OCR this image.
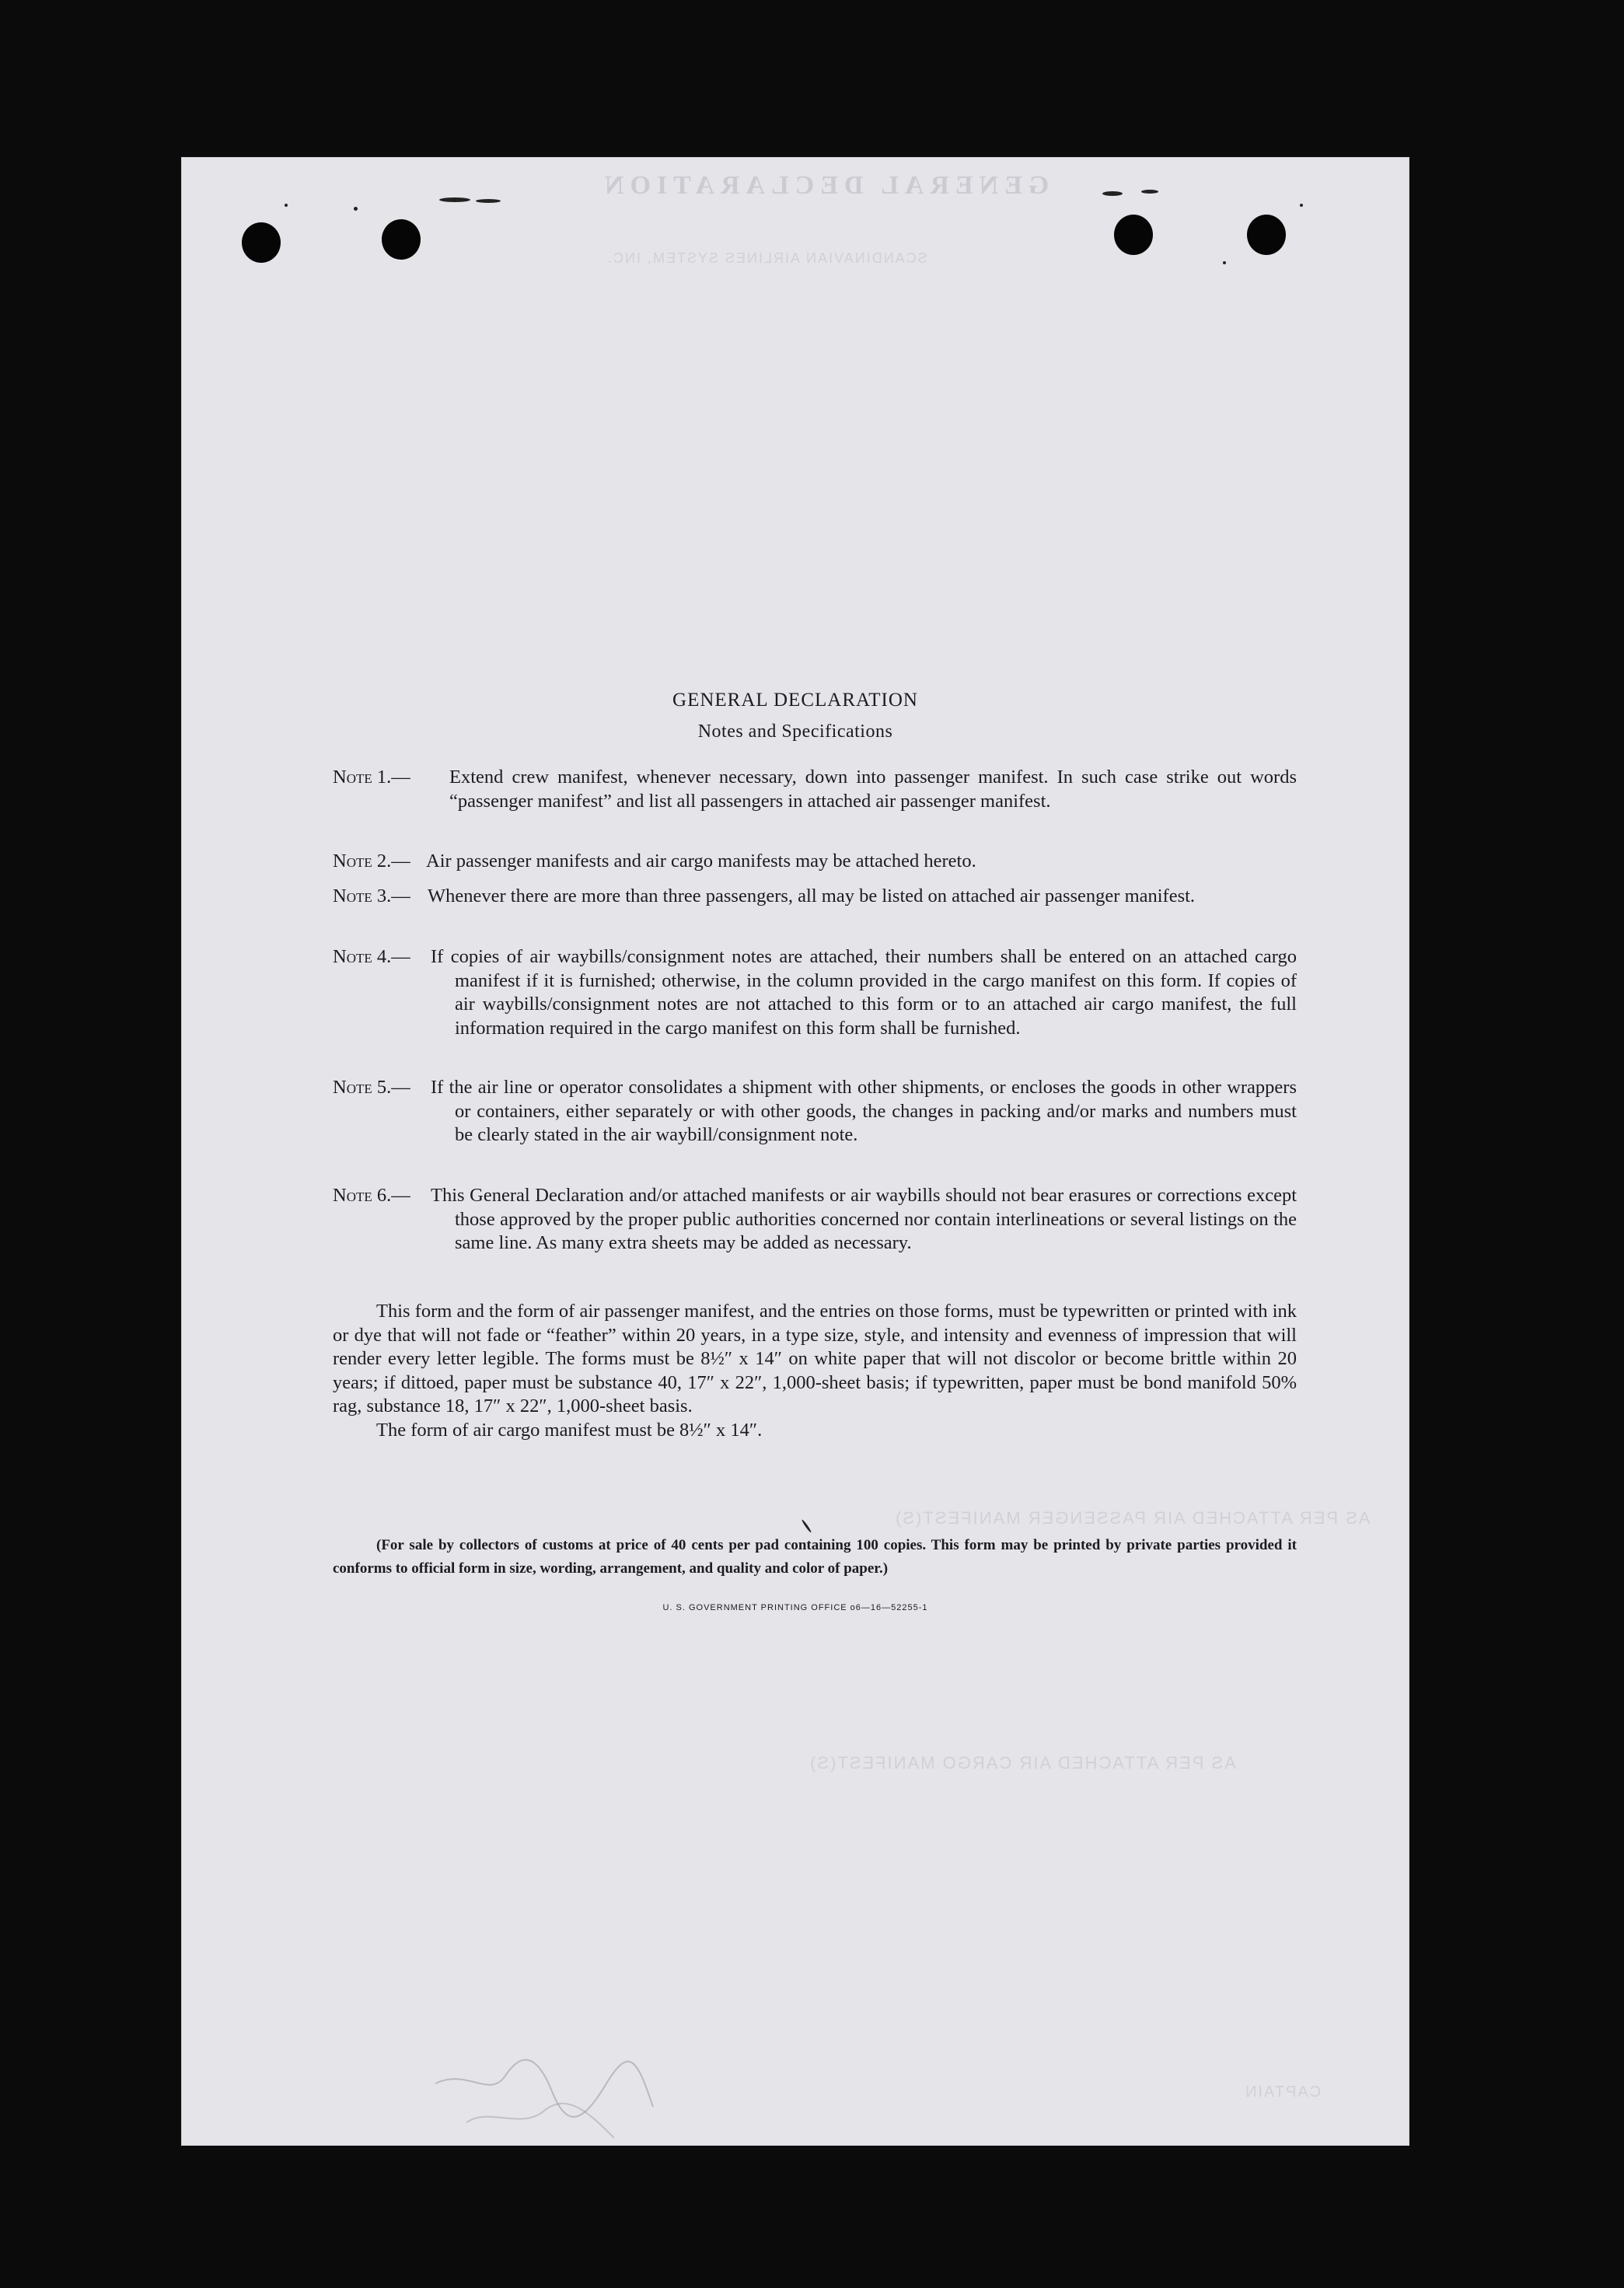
GENERAL DECLARATION
SCANDINAVIAN AIRLINES SYSTEM, INC.
AS PER ATTACHED AIR PASSENGER MANIFEST(S)
AS PER ATTACHED AIR CARGO MANIFEST(S)
CAPTAIN
GENERAL DECLARATION
Notes and Specifications
Note 1.—	Extend crew manifest, whenever necessary, down into passenger manifest. In such case strike out words “passenger manifest” and list all passengers in attached air passenger manifest.
Note 2.— Air passenger manifests and air cargo manifests may be attached hereto.
Note 3.— Whenever there are more than three passengers, all may be listed on attached air passenger manifest.
Note 4.—	If copies of air waybills/consignment notes are attached, their numbers shall be entered on an attached cargo manifest if it is furnished; otherwise, in the column provided in the cargo manifest on this form. If copies of air waybills/consignment notes are not attached to this form or to an attached air cargo manifest, the full information required in the cargo manifest on this form shall be furnished.
Note 5.—	If the air line or operator consolidates a shipment with other shipments, or encloses the goods in other wrappers or containers, either separately or with other goods, the changes in packing and/or marks and numbers must be clearly stated in the air waybill/consignment note.
Note 6.—	This General Declaration and/or attached manifests or air waybills should not bear erasures or corrections except those approved by the proper public authorities concerned nor contain interlineations or several listings on the same line. As many extra sheets may be added as necessary.
This form and the form of air passenger manifest, and the entries on those forms, must be typewritten or printed with ink or dye that will not fade or “feather” within 20 years, in a type size, style, and intensity and evenness of impression that will render every letter legible. The forms must be 8½″ x 14″ on white paper that will not discolor or become brittle within 20 years; if dittoed, paper must be substance 40, 17″ x 22″, 1,000-sheet basis; if typewritten, paper must be bond manifold 50% rag, substance 18, 17″ x 22″, 1,000-sheet basis.
The form of air cargo manifest must be 8½″ x 14″.
(For sale by collectors of customs at price of 40 cents per pad containing 100 copies. This form may be printed by private parties provided it conforms to official form in size, wording, arrangement, and quality and color of paper.)
U. S. GOVERNMENT PRINTING OFFICE o6—16—52255-1
